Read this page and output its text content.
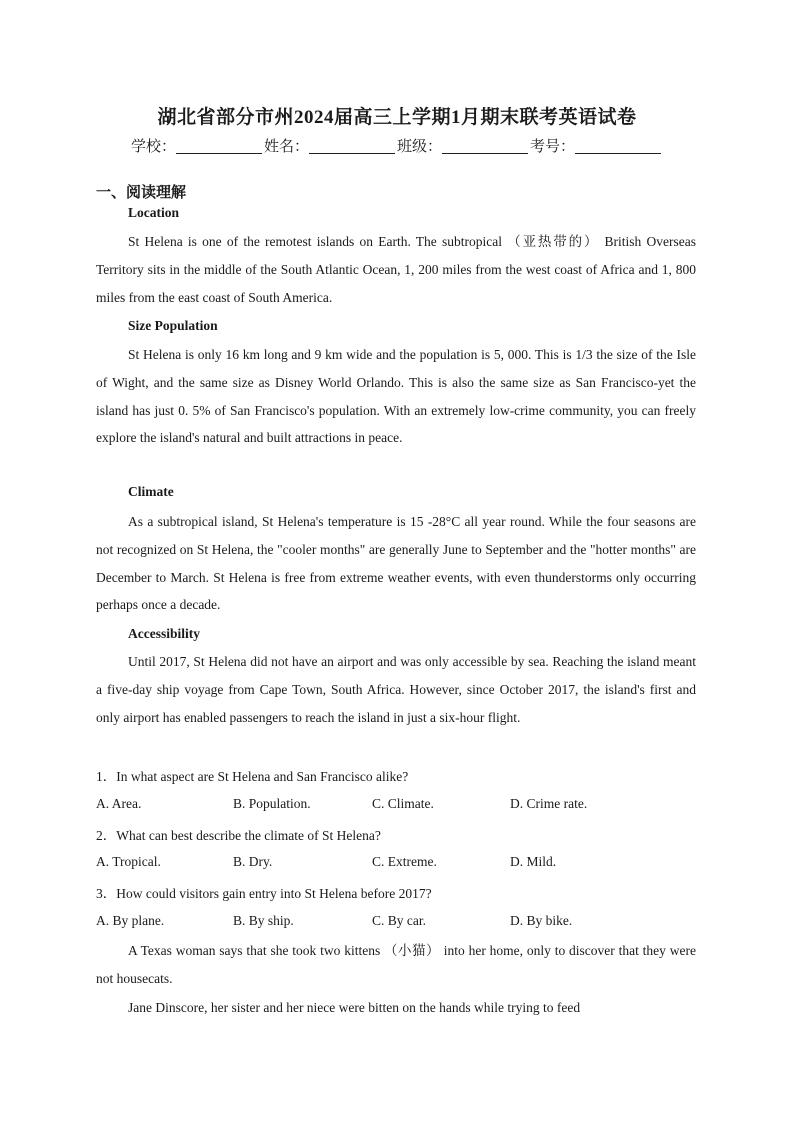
湖北省部分市州2024届高三上学期1月期末联考英语试卷
学校：	姓名：	班级：	考号：
一、阅读理解
Location

St Helena is one of the remotest islands on Earth. The subtropical （亚热带的） British Overseas Territory sits in the middle of the South Atlantic Ocean, 1, 200 miles from the west coast of Africa and 1, 800 miles from the east coast of South America.

Size Population

St Helena is only 16 km long and 9 km wide and the population is 5, 000. This is 1/3 the size of the Isle of Wight, and the same size as Disney World Orlando. This is also the same size as San Francisco-yet the island has just 0. 5% of San Francisco's population. With an extremely low-crime community, you can freely explore the island's natural and built attractions in peace.

Climate

As a subtropical island, St Helena's temperature is 15 -28°C all year round. While the four seasons are not recognized on St Helena, the "cooler months" are generally June to September and the "hotter months" are December to March. St Helena is free from extreme weather events, with even thunderstorms only occurring perhaps once a decade.

Accessibility

Until 2017, St Helena did not have an airport and was only accessible by sea. Reaching the island meant a five-day ship voyage from Cape Town, South Africa. However, since October 2017, the island's first and only airport has enabled passengers to reach the island in just a six-hour flight.

1．In what aspect are St Helena and San Francisco alike?
A. Area.	B. Population.	C. Climate.	D. Crime rate.
2．What can best describe the climate of St Helena?
A. Tropical.	B. Dry.	C. Extreme.	D. Mild.
3．How could visitors gain entry into St Helena before 2017?
A. By plane.	B. By ship.	C. By car.	D. By bike.

A Texas woman says that she took two kittens （小猫） into her home, only to discover that they were not housecats.

Jane Dinscore, her sister and her niece were bitten on the hands while trying to feed
